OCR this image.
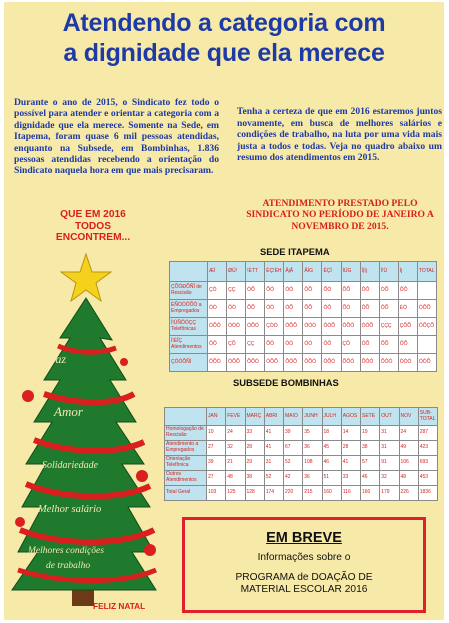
Atendendo a categoria com
a dignidade que ela merece
Durante o ano de 2015, o Sindicato fez todo o possível para atender e orientar a categoria com a dignidade que ela merece. Somente na Sede, em Itapema, foram quase 6 mil pessoas atendidas, enquanto na Subsede, em Bombinhas, 1.836 pessoas atendidas recebendo a orientação do Sindicato naquela hora em que mais precisaram.
Tenha a certeza de que em 2016 estaremos juntos novamente, em busca de melhores salários e condições de trabalho, na luta por uma vida mais justa a todos e todas. Veja no quadro abaixo um resumo dos atendimentos em 2015.
ATENDIMENTO PRESTADO PELO SINDICATO NO PERÍODO DE JANEIRO A NOVEMBRO DE 2015.
QUE EM 2016
TODOS
ENCONTREM...
Paz
Amor
Solidariedade
Melhor salário
Melhores condições
de trabalho
FELIZ NATAL
SEDE ITAPEMA
	ÆÍ	ØÜ!	!ÈTT	ÈÇ!ÈH	ÂjÂ	ÂÌG	ÈÇÏ	ÌÜG	Ï|Ìj	Ï!Ü	Ìj	TOTAL
ÇÕÒÐÕÑÎ de Rescisão	ÇÒ	ÇÇ	ÒÕ	ÕÓ	ÓÒ	ÔÕ	ÕÒ	ÕÕ	ÔÔ	ÒÕ	ÔÔ	
ÈÑÒÓÔÕÒ a Empregados	ÓÒ	ÔÒ	ÕÕ	ÒÒ	ÓÕ	ÕÕ	ÓÔ	ÕÒ	ÔÕ	ÔÕ	ÈÒ	ÓÕÕ
Ï!ÜÑÔÓÇÇ Telefônicas	ÓÕÔ	ÒÒÓ	ÓÕÓ	ÇÒÓ	ÓÕÕ	ÒÓÒ	ÔÒÕ	ÓÕÓ	ÒÓÕ	ÇÇÇ	ÇÕÕ	ÔÕÇÕ
Ï!ÈÎÇ Atendimentos	ÔÔ	ÇÕ	ÇÇ	ÕÔ	ÒÒ	ÒÓ	ÓÔ	ÇÔ	ÓÕ	ÕÕ	ÔÕ	
ÇÓÒÕÑÌ	ÔÕÒ	ÓÕÕ	ÕÕÓ	ÓÕÕ	ÕÔÕ	ÔÕÓ	ÒÕÒ	ÕÕÓ	ÕÔÓ	ÕÔÓ	ÒÒÓ	ÓÒÕ
SUBSEDE BOMBINHAS
	JAN	FEVE	MARÇ	ABRI	MAIO	JUNH	JULH	AGOS	SETE	OUT	NOV	SUB-TOTAL
Homologação de Rescisão	10	24	33	41	39	35	18	14	19	31	24	287
Atendimento a Empregados	27	32	28	41	67	36	45	28	38	31	49	423
Orientação Telefônica	39	21	29	31	52	108	46	41	57	91	106	693
Outros Atendimentos	27	48	38	52	42	36	51	33	46	32	48	453
Total Geral	103	125	128	174	220	215	160	116	160	179	226	1836
EM BREVE
Informações sobre o
PROGRAMA de DOAÇÃO DE
MATERIAL ESCOLAR 2016
